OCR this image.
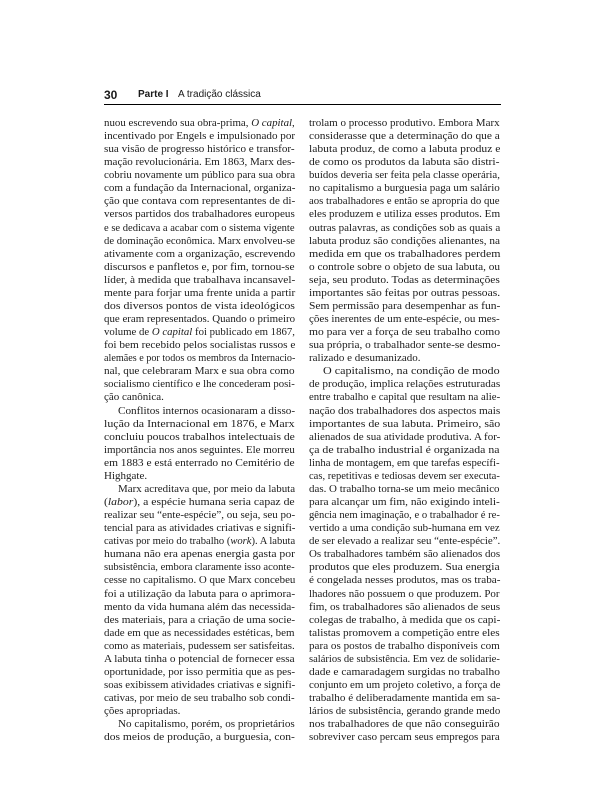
30 Parte I A tradição clássica
nuou escrevendo sua obra-prima, O capital,
incentivado por Engels e impulsionado por
sua visão de progresso histórico e transfor-
mação revolucionária. Em 1863, Marx des-
cobriu novamente um público para sua obra
com a fundação da Internacional, organiza-
ção que contava com representantes de di-
versos partidos dos trabalhadores europeus
e se dedicava a acabar com o sistema vigente
de dominação econômica. Marx envolveu-se
ativamente com a organização, escrevendo
discursos e panfletos e, por fim, tornou-se
líder, à medida que trabalhava incansavel-
mente para forjar uma frente unida a partir
dos diversos pontos de vista ideológicos
que eram representados. Quando o primeiro
volume de O capital foi publicado em 1867,
foi bem recebido pelos socialistas russos e
alemães e por todos os membros da Internacio-
nal, que celebraram Marx e sua obra como
socialismo científico e lhe concederam posi-
ção canônica.
Conflitos internos ocasionaram a disso-
lução da Internacional em 1876, e Marx
concluiu poucos trabalhos intelectuais de
importância nos anos seguintes. Ele morreu
em 1883 e está enterrado no Cemitério de
Highgate.
Marx acreditava que, por meio da labuta
(labor), a espécie humana seria capaz de
realizar seu “ente-espécie”, ou seja, seu po-
tencial para as atividades criativas e signifi-
cativas por meio do trabalho (work). A labuta
humana não era apenas energia gasta por
subsistência, embora claramente isso aconte-
cesse no capitalismo. O que Marx concebeu
foi a utilização da labuta para o aprimora-
mento da vida humana além das necessida-
des materiais, para a criação de uma socie-
dade em que as necessidades estéticas, bem
como as materiais, pudessem ser satisfeitas.
A labuta tinha o potencial de fornecer essa
oportunidade, por isso permitia que as pes-
soas exibissem atividades criativas e signifi-
cativas, por meio de seu trabalho sob condi-
ções apropriadas.
No capitalismo, porém, os proprietários
dos meios de produção, a burguesia, con-
trolam o processo produtivo. Embora Marx
considerasse que a determinação do que a
labuta produz, de como a labuta produz e
de como os produtos da labuta são distri-
buídos deveria ser feita pela classe operária,
no capitalismo a burguesia paga um salário
aos trabalhadores e então se apropria do que
eles produzem e utiliza esses produtos. Em
outras palavras, as condições sob as quais a
labuta produz são condições alienantes, na
medida em que os trabalhadores perdem
o controle sobre o objeto de sua labuta, ou
seja, seu produto. Todas as determinações
importantes são feitas por outras pessoas.
Sem permissão para desempenhar as fun-
ções inerentes de um ente-espécie, ou mes-
mo para ver a força de seu trabalho como
sua própria, o trabalhador sente-se desmo-
ralizado e desumanizado.
O capitalismo, na condição de modo
de produção, implica relações estruturadas
entre trabalho e capital que resultam na alie-
nação dos trabalhadores dos aspectos mais
importantes de sua labuta. Primeiro, são
alienados de sua atividade produtiva. A for-
ça de trabalho industrial é organizada na
linha de montagem, em que tarefas específi-
cas, repetitivas e tediosas devem ser executa-
das. O trabalho torna-se um meio mecânico
para alcançar um fim, não exigindo inteli-
gência nem imaginação, e o trabalhador é re-
vertido a uma condição sub-humana em vez
de ser elevado a realizar seu “ente-espécie”.
Os trabalhadores também são alienados dos
produtos que eles produzem. Sua energia
é congelada nesses produtos, mas os traba-
lhadores não possuem o que produzem. Por
fim, os trabalhadores são alienados de seus
colegas de trabalho, à medida que os capi-
talistas promovem a competição entre eles
para os postos de trabalho disponíveis com
salários de subsistência. Em vez de solidarie-
dade e camaradagem surgidas no trabalho
conjunto em um projeto coletivo, a força de
trabalho é deliberadamente mantida em sa-
lários de subsistência, gerando grande medo
nos trabalhadores de que não conseguirão
sobreviver caso percam seus empregos para
